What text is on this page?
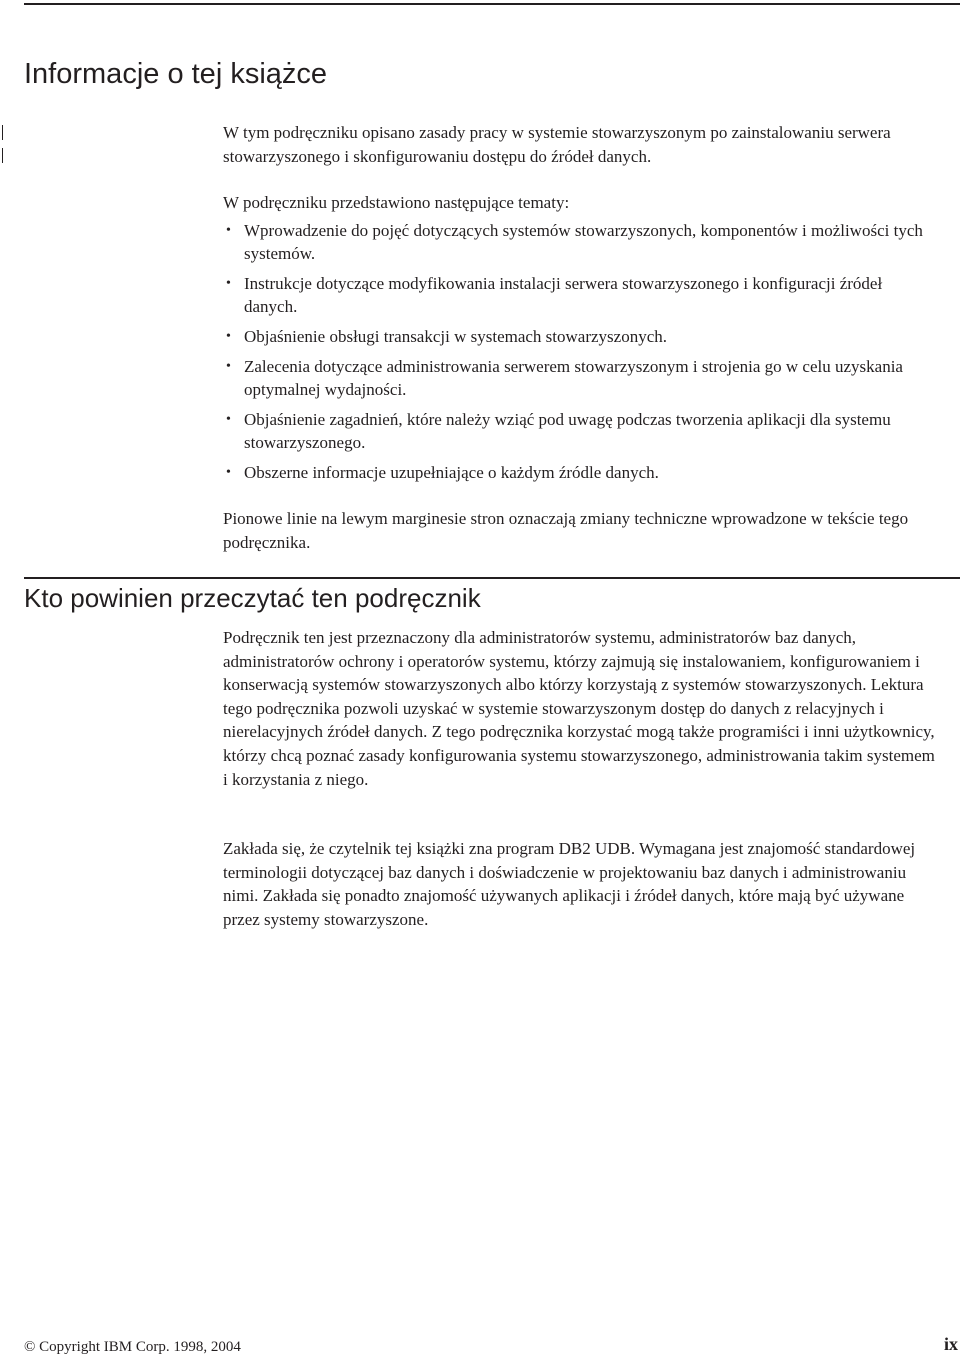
Informacje o tej książce

W tym podręczniku opisano zasady pracy w systemie stowarzyszonym po zainstalowaniu serwera stowarzyszonego i skonfigurowaniu dostępu do źródeł danych.

W podręczniku przedstawiono następujące tematy:

• Wprowadzenie do pojęć dotyczących systemów stowarzyszonych, komponentów i możliwości tych systemów.
• Instrukcje dotyczące modyfikowania instalacji serwera stowarzyszonego i konfiguracji źródeł danych.
• Objaśnienie obsługi transakcji w systemach stowarzyszonych.
• Zalecenia dotyczące administrowania serwerem stowarzyszonym i strojenia go w celu uzyskania optymalnej wydajności.
• Objaśnienie zagadnień, które należy wziąć pod uwagę podczas tworzenia aplikacji dla systemu stowarzyszonego.
• Obszerne informacje uzupełniające o każdym źródle danych.

Pionowe linie na lewym marginesie stron oznaczają zmiany techniczne wprowadzone w tekście tego podręcznika.

Kto powinien przeczytać ten podręcznik

Podręcznik ten jest przeznaczony dla administratorów systemu, administratorów baz danych, administratorów ochrony i operatorów systemu, którzy zajmują się instalowaniem, konfigurowaniem i konserwacją systemów stowarzyszonych albo którzy korzystają z systemów stowarzyszonych. Lektura tego podręcznika pozwoli uzyskać w systemie stowarzyszonym dostęp do danych z relacyjnych i nierelacyjnych źródeł danych. Z tego podręcznika korzystać mogą także programiści i inni użytkownicy, którzy chcą poznać zasady konfigurowania systemu stowarzyszonego, administrowania takim systemem i korzystania z niego.

Zakłada się, że czytelnik tej książki zna program DB2 UDB. Wymagana jest znajomość standardowej terminologii dotyczącej baz danych i doświadczenie w projektowaniu baz danych i administrowaniu nimi. Zakłada się ponadto znajomość używanych aplikacji i źródeł danych, które mają być używane przez systemy stowarzyszone.

© Copyright IBM Corp. 1998, 2004	ix
